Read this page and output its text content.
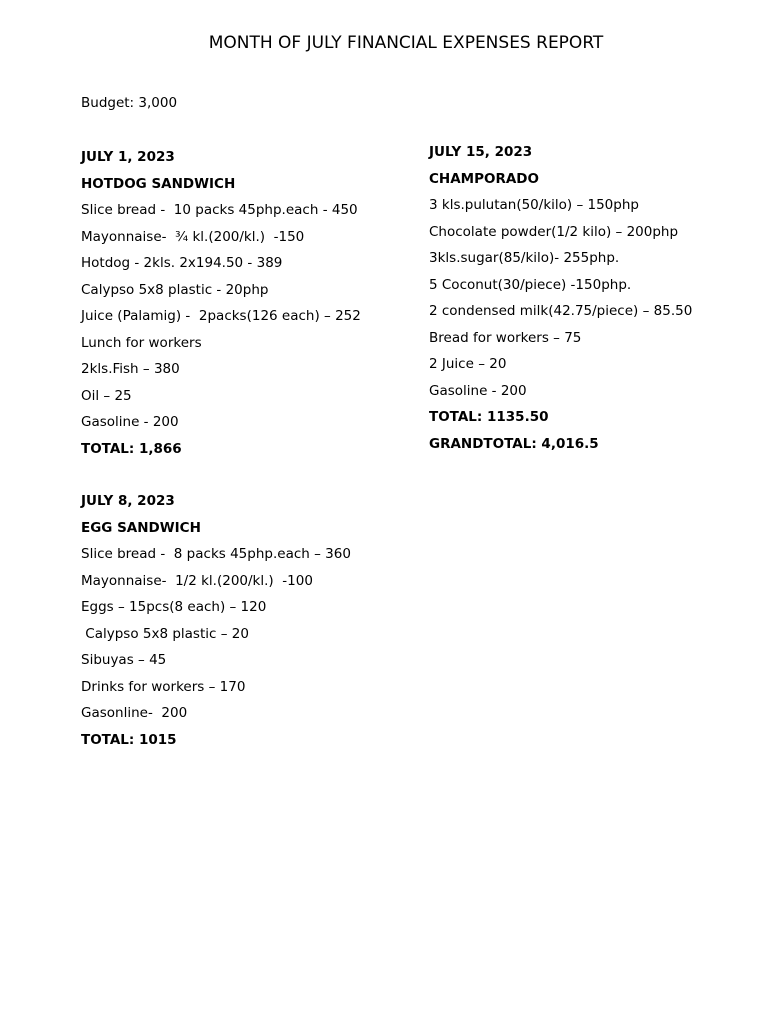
MONTH OF JULY FINANCIAL EXPENSES REPORT
Budget: 3,000
JULY 1, 2023
HOTDOG SANDWICH
Slice bread -  10 packs 45php.each - 450
Mayonnaise-  ¾ kl.(200/kl.)  -150
Hotdog - 2kls. 2x194.50 - 389
Calypso 5x8 plastic - 20php
Juice (Palamig) -  2packs(126 each) – 252
Lunch for workers
2kls.Fish – 380
Oil – 25
Gasoline - 200
TOTAL: 1,866
JULY 8, 2023
EGG SANDWICH
Slice bread -  8 packs 45php.each – 360
Mayonnaise-  1/2 kl.(200/kl.)  -100
Eggs – 15pcs(8 each) – 120
Calypso 5x8 plastic – 20
Sibuyas – 45
Drinks for workers – 170
Gasonline-  200
TOTAL: 1015
JULY 15, 2023
CHAMPORADO
3 kls.pulutan(50/kilo) – 150php
Chocolate powder(1/2 kilo) – 200php
3kls.sugar(85/kilo)- 255php.
5 Coconut(30/piece) -150php.
2 condensed milk(42.75/piece) – 85.50
Bread for workers – 75
2 Juice – 20
Gasoline - 200
TOTAL: 1135.50
GRANDTOTAL: 4,016.5
